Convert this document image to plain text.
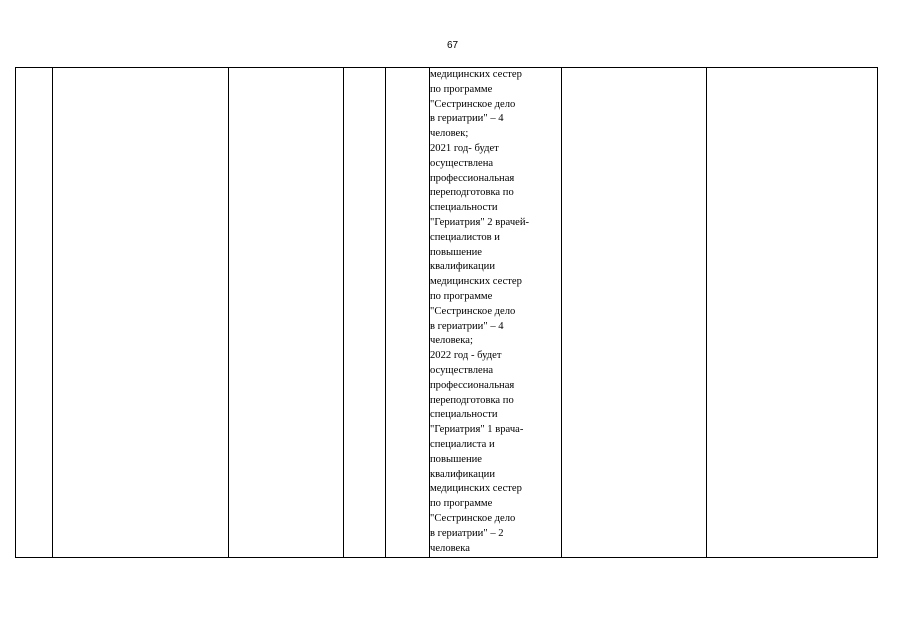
67

медицинских сестер
по программе
"Сестринское дело
в гериатрии" – 4
человек;
2021 год- будет
осуществлена
профессиональная
переподготовка по
специальности
"Гериатрия" 2 врачей-
специалистов и
повышение
квалификации
медицинских сестер
по программе
"Сестринское дело
в гериатрии" – 4
человека;
2022 год - будет
осуществлена
профессиональная
переподготовка по
специальности
"Гериатрия" 1 врача-
специалиста и
повышение
квалификации
медицинских сестер
по программе
"Сестринское дело
в гериатрии" – 2
человека
